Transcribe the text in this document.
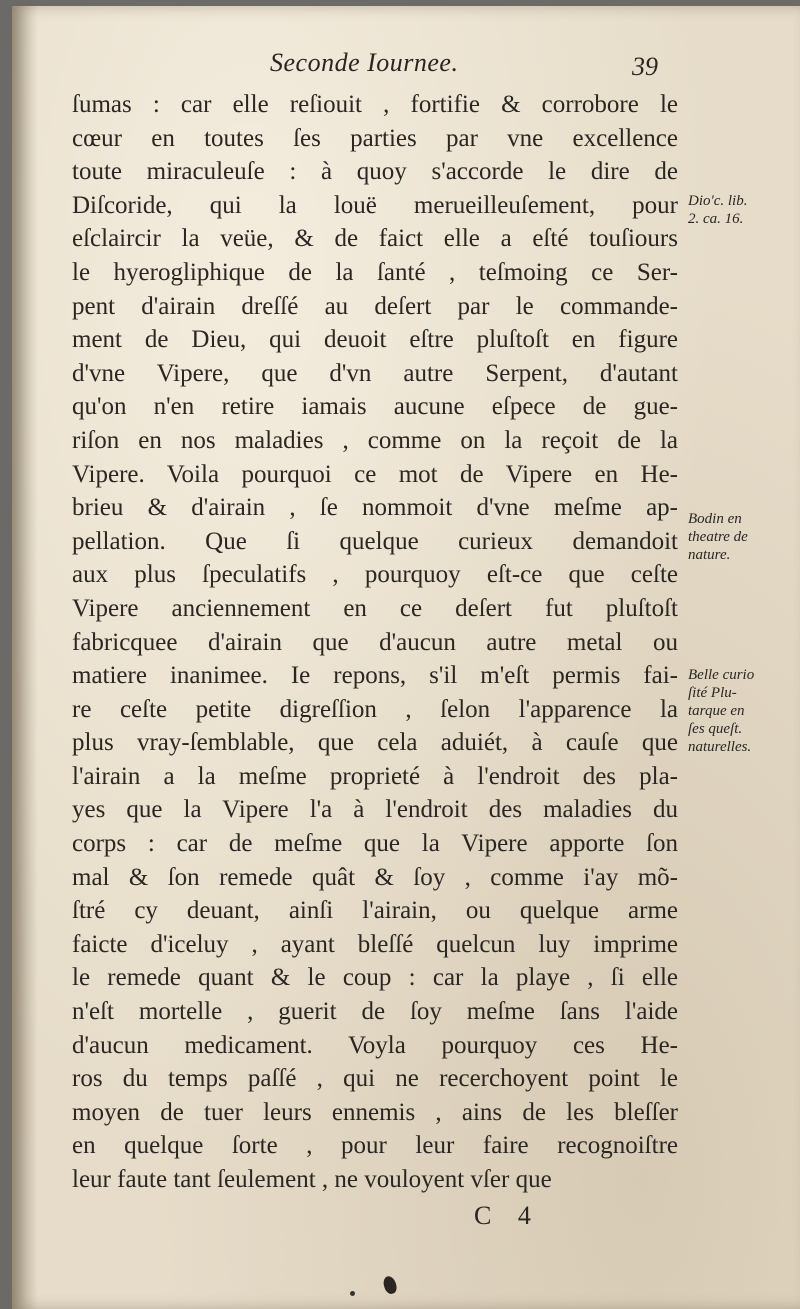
Seconde Iournee.	39
ſumas : car elle reſiouit , fortifie & corrobore le
cœur en toutes ſes parties par vne excellence
toute miraculeuſe : à quoy s'accorde le dire de
Diſcoride, qui la louë merueilleuſement, pour
eſclaircir la veüe, & de faict elle a eſté touſiours
le hyerogliphique de la ſanté , teſmoing ce Ser-
pent d'airain dreſſé au deſert par le commande-
ment de Dieu, qui deuoit eſtre pluſtoſt en figure
d'vne Vipere, que d'vn autre Serpent, d'autant
qu'on n'en retire iamais aucune eſpece de gue-
riſon en nos maladies , comme on la reçoit de la
Vipere. Voila pourquoi ce mot de Vipere en He-
brieu & d'airain , ſe nommoit d'vne meſme ap-
pellation. Que ſi quelque curieux demandoit
aux plus ſpeculatifs , pourquoy eſt-ce que ceſte
Vipere anciennement en ce deſert fut pluſtoſt
fabricquee d'airain que d'aucun autre metal ou
matiere inanimee. Ie repons, s'il m'eſt permis fai-
re ceſte petite digreſſion , ſelon l'apparence la
plus vray-ſemblable, que cela aduiét, à cauſe que
l'airain a la meſme proprieté à l'endroit des pla-
yes que la Vipere l'a à l'endroit des maladies du
corps : car de meſme que la Vipere apporte ſon
mal & ſon remede quât & ſoy , comme i'ay mõ-
ſtré cy deuant, ainſi l'airain, ou quelque arme
faicte d'iceluy , ayant bleſſé quelcun luy imprime
le remede quant & le coup : car la playe , ſi elle
n'eſt mortelle , guerit de ſoy meſme ſans l'aide
d'aucun medicament. Voyla pourquoy ces He-
ros du temps paſſé , qui ne recerchoyent point le
moyen de tuer leurs ennemis , ains de les bleſſer
en quelque ſorte , pour leur faire recognoiſtre
leur faute tant ſeulement , ne vouloyent vſer que
Dio'c. lib.
2. ca. 16.
Bodin en
theatre de
nature.
Belle curio
ſité Plu-
tarque en
ſes queſt.
naturelles.
C 4
